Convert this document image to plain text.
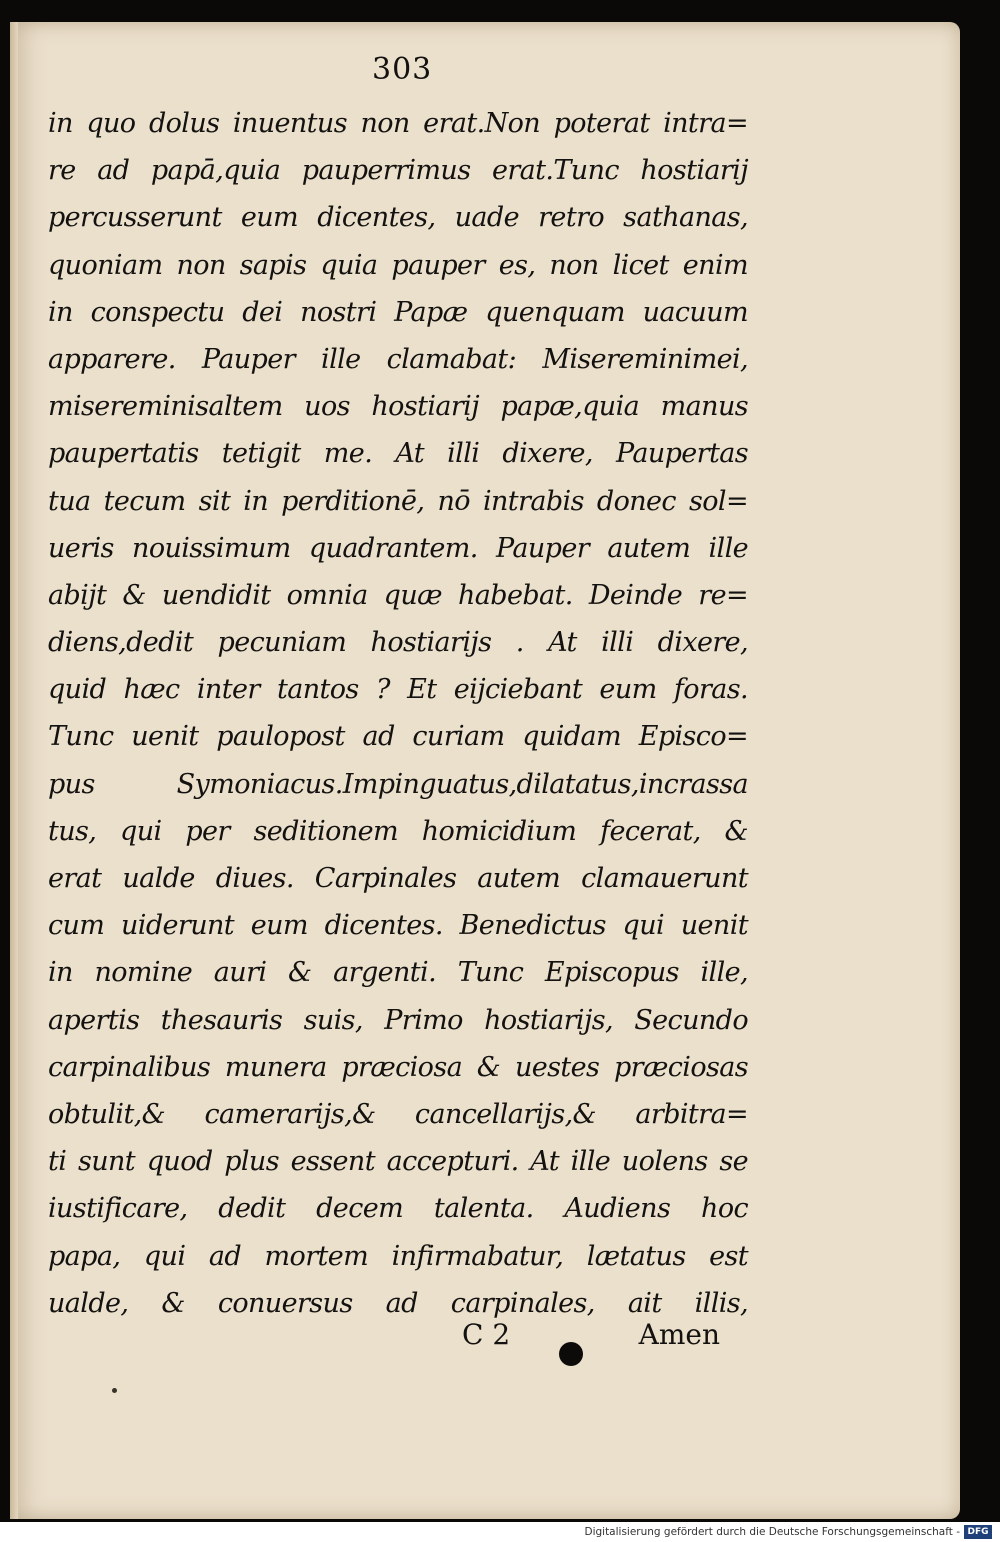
303
in quo dolus inuentus non erat.Non poterat intra=
re ad papā,quia pauperrimus erat.Tunc hostiarij
percusserunt eum dicentes, uade retro sathanas,
quoniam non sapis quia pauper es, non licet enim
in conspectu dei nostri Papæ quenquam uacuum
apparere. Pauper ille clamabat: Misereminimei,
misereminisaltem uos hostiarij papæ,quia manus
paupertatis tetigit me. At illi dixere, Paupertas
tua tecum sit in perditionē, nō intrabis donec sol=
ueris nouissimum quadrantem. Pauper autem ille
abijt & uendidit omnia quæ habebat. Deinde re=
diens,dedit pecuniam hostiarijs . At illi dixere,
quid hæc inter tantos ? Et eijciebant eum foras.
Tunc uenit paulopost ad curiam quidam Episco=
pus Symoniacus.Impinguatus,dilatatus,incrassa
tus, qui per seditionem homicidium fecerat, &
erat ualde diues. Carpinales autem clamauerunt
cum uiderunt eum dicentes. Benedictus qui uenit
in nomine auri & argenti. Tunc Episcopus ille,
apertis thesauris suis, Primo hostiarijs, Secundo
carpinalibus munera præciosa & uestes præciosas
obtulit,& camerarijs,& cancellarijs,& arbitra=
ti sunt quod plus essent accepturi. At ille uolens se
iustificare, dedit decem talenta. Audiens hoc
papa, qui ad mortem infirmabatur, lætatus est
ualde, & conuersus ad carpinales, ait illis,
C 2	Amen
Digitalisierung gefördert durch die Deutsche Forschungsgemeinschaft - DFG
